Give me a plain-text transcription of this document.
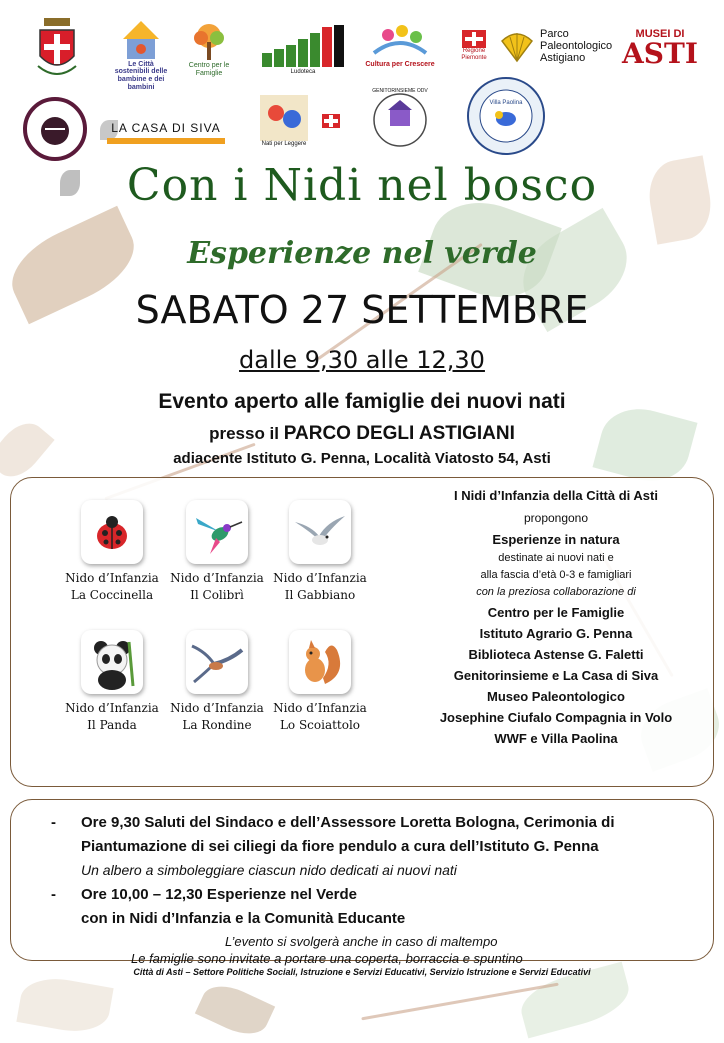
Le Città sostenibili delle bambine e dei bambini
Centro per le Famiglie	Ludoteca
Cultura per Crescere
Regione Piemonte
Parco Paleontologico Astigiano
MUSEI DI
ASTI
LA CASA DI SIVA
Nati per Leggere
GENITORINSIEME ODV
Villa Paolina
Con i Nidi nel bosco
Esperienze nel verde
SABATO 27 SETTEMBRE
dalle 9,30 alle 12,30
Evento aperto alle famiglie dei nuovi nati
presso il PARCO DEGLI ASTIGIANI
adiacente Istituto G. Penna, Località Viatosto 54, Asti
Nido d’Infanzia
La Coccinella
Nido d’Infanzia
Il Colibrì
Nido d’Infanzia
Il Gabbiano
Nido d’Infanzia
Il Panda
Nido d’Infanzia
La Rondine
Nido d’Infanzia
Lo Scoiattolo
I Nidi d’Infanzia della Città di Asti
propongono
Esperienze in natura
destinate ai nuovi nati e
alla fascia d’età 0-3 e famigliari
con la preziosa collaborazione di
Centro per le Famiglie
Istituto Agrario G. Penna
Biblioteca Astense G. Faletti
Genitorinsieme e La Casa di Siva
Museo Paleontologico
Josephine Ciufalo Compagnia in Volo
WWF e Villa Paolina
- Ore 9,30 Saluti del Sindaco e dell’Assessore Loretta Bologna, Cerimonia di
Piantumazione di sei ciliegi da fiore pendulo a cura dell’Istituto G. Penna
Un albero a simboleggiare ciascun nido dedicati ai nuovi nati
- Ore 10,00 – 12,30 Esperienze nel Verde
con in Nidi d’Infanzia e la Comunità Educante
L’evento si svolgerà anche in caso di maltempo
Le famiglie sono invitate a portare una coperta, borraccia e spuntino
Città di Asti – Settore Politiche Sociali, Istruzione e Servizi Educativi, Servizio Istruzione e Servizi Educativi
